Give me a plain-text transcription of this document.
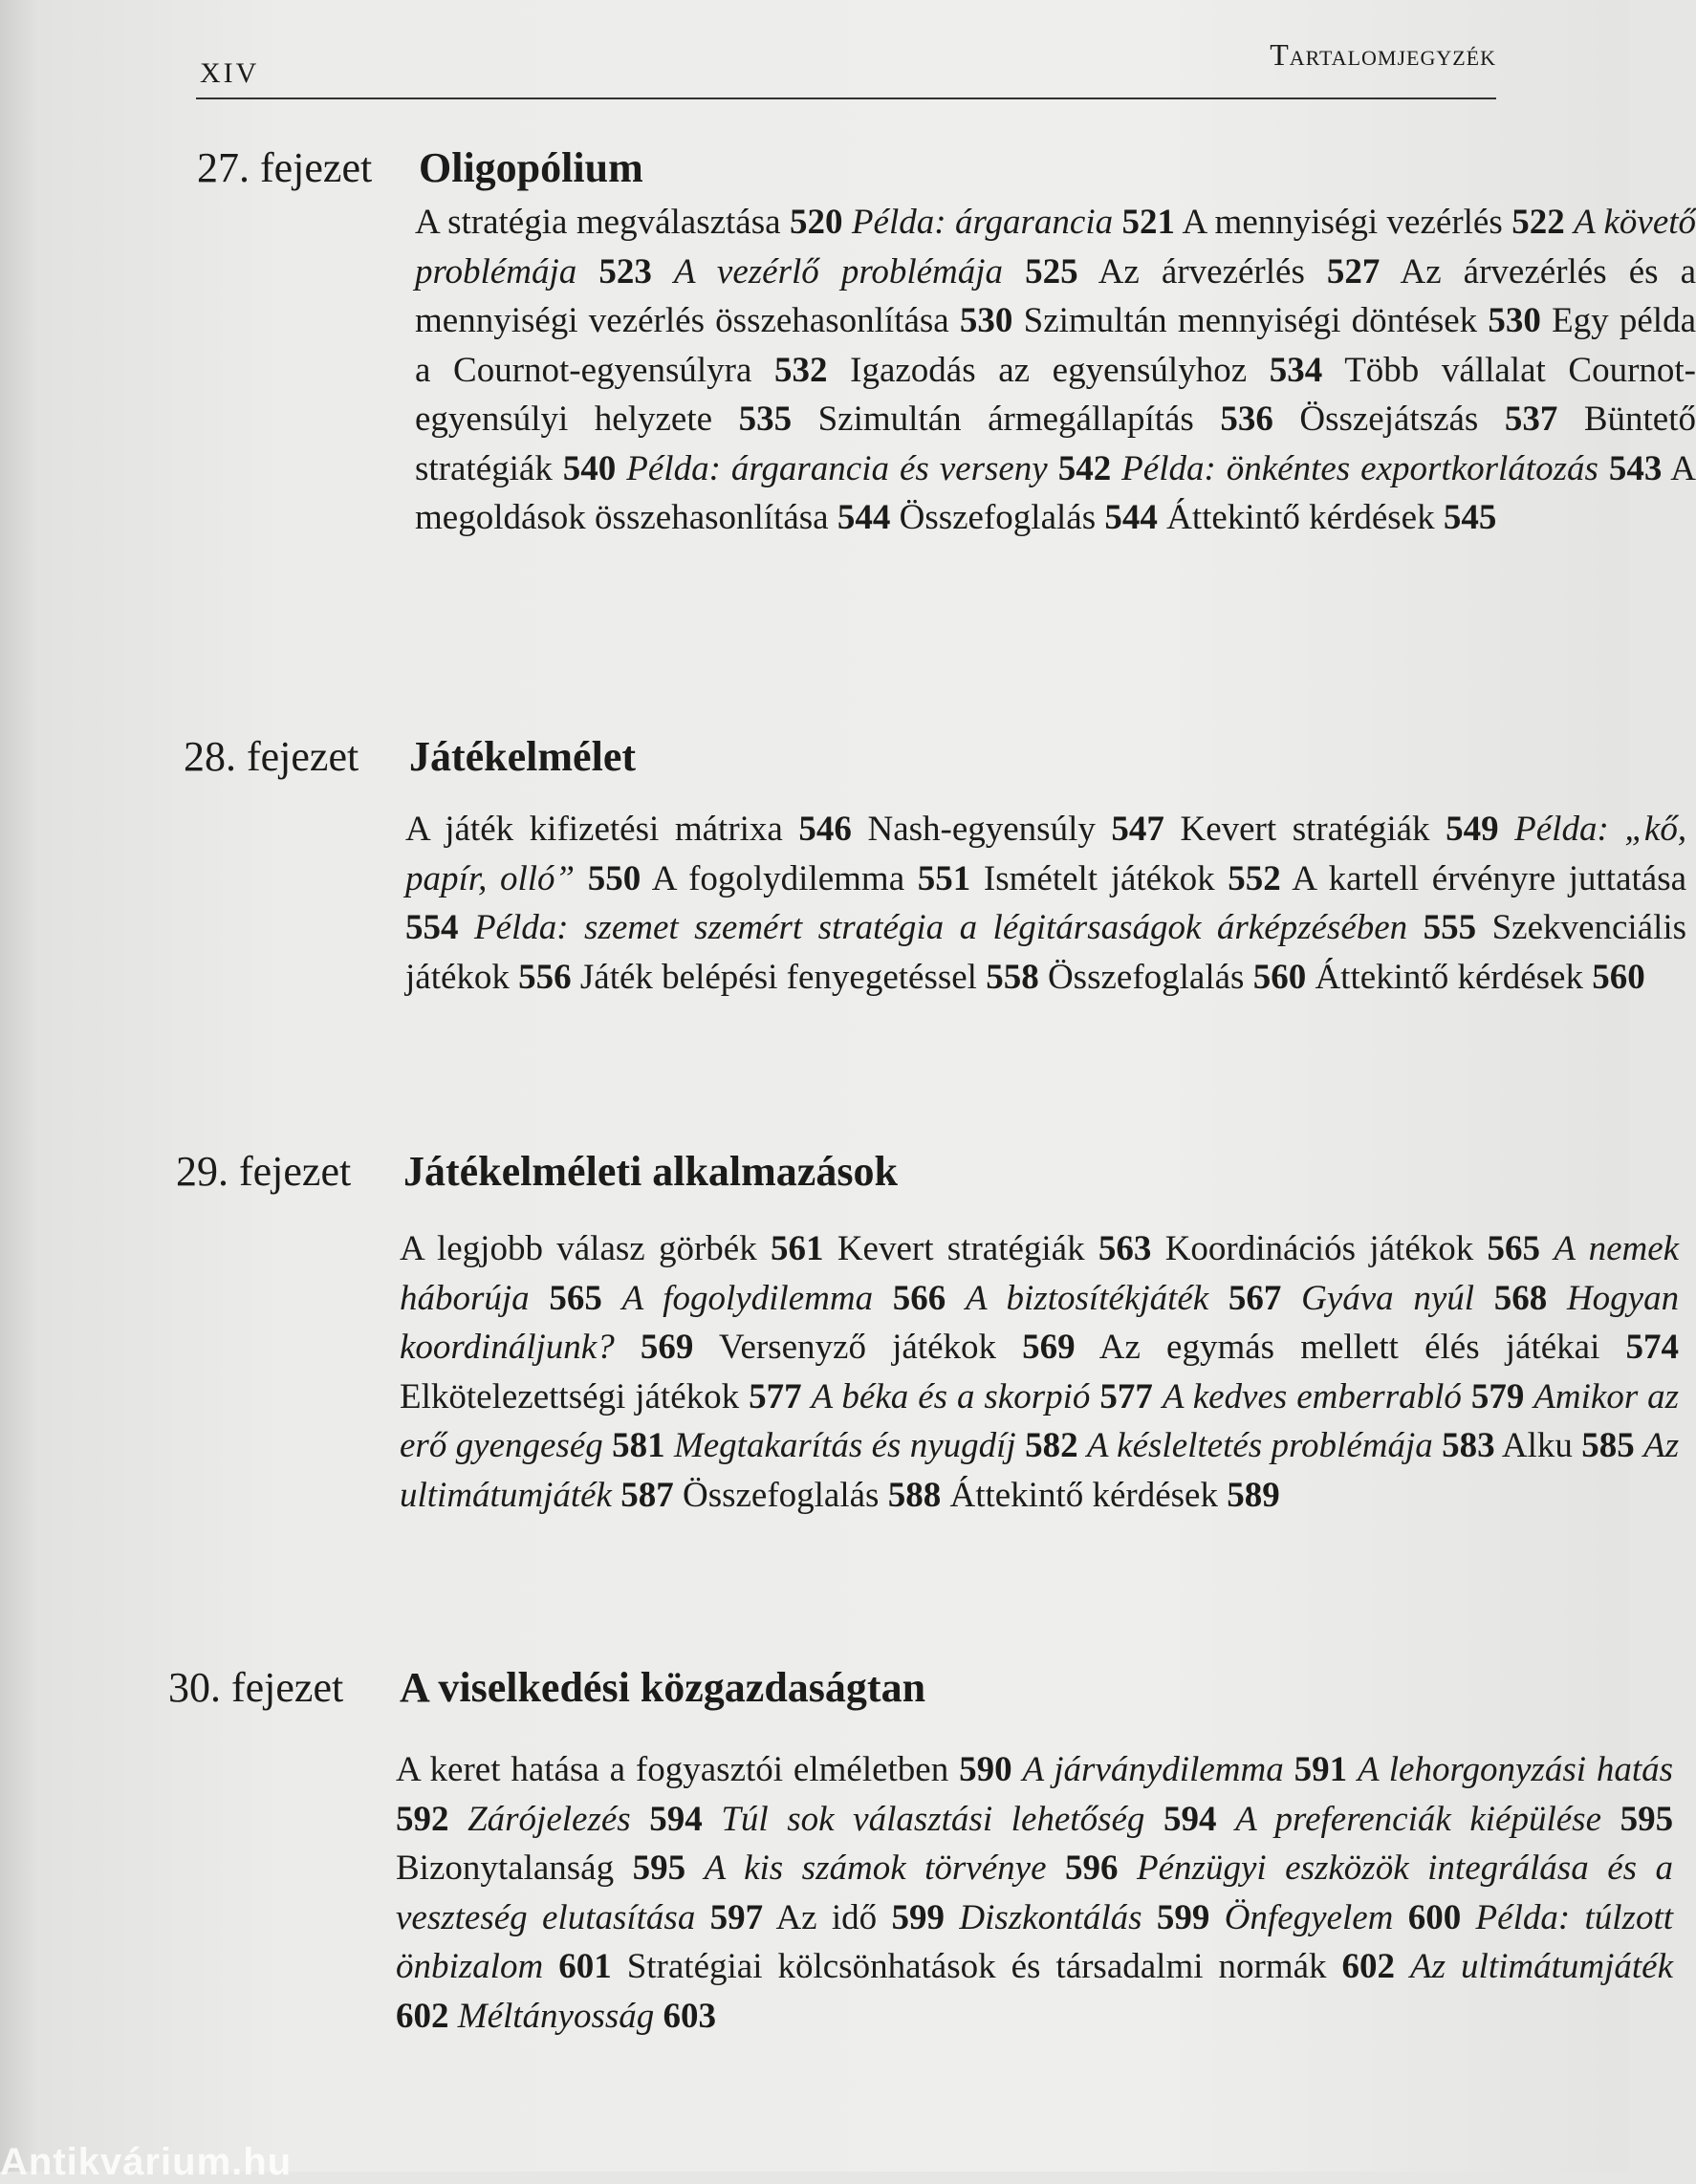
XIV
Tartalomjegyzék
27. fejezet Oligopólium
A stratégia megválasztása 520 Példa: árgarancia 521 A mennyiségi vezérlés 522 A követő problémája 523 A vezérlő problémája 525 Az árvezérlés 527 Az árvezérlés és a mennyiségi vezérlés összehasonlítása 530 Szimultán mennyiségi döntések 530 Egy példa a Cournot-egyensúlyra 532 Igazodás az egyensúlyhoz 534 Több vállalat Cournot-egyensúlyi helyzete 535 Szimultán ármegállapítás 536 Összejátszás 537 Büntető stratégiák 540 Példa: árgarancia és verseny 542 Példa: önkéntes exportkorlátozás 543 A megoldások összehasonlítása 544 Összefoglalás 544 Áttekintő kérdések 545
28. fejezet Játékelmélet
A játék kifizetési mátrixa 546 Nash-egyensúly 547 Kevert stratégiák 549 Példa: „kő, papír, olló” 550 A fogolydilemma 551 Ismételt játékok 552 A kartell érvényre juttatása 554 Példa: szemet szemért stratégia a légitársaságok árképzésében 555 Szekvenciális játékok 556 Játék belépési fenyegetéssel 558 Összefoglalás 560 Áttekintő kérdések 560
29. fejezet Játékelméleti alkalmazások
A legjobb válasz görbék 561 Kevert stratégiák 563 Koordinációs játékok 565 A nemek háborúja 565 A fogolydilemma 566 A biztosítékjáték 567 Gyáva nyúl 568 Hogyan koordináljunk? 569 Versenyző játékok 569 Az egymás mellett élés játékai 574 Elkötelezettségi játékok 577 A béka és a skorpió 577 A kedves emberrabló 579 Amikor az erő gyengeség 581 Megtakarítás és nyugdíj 582 A késleltetés problémája 583 Alku 585 Az ultimátumjáték 587 Összefoglalás 588 Áttekintő kérdések 589
30. fejezet A viselkedési közgazdaságtan
A keret hatása a fogyasztói elméletben 590 A járványdilemma 591 A lehorgonyzási hatás 592 Zárójelezés 594 Túl sok választási lehetőség 594 A preferenciák kiépülése 595 Bizonytalanság 595 A kis számok törvénye 596 Pénzügyi eszközök integrálása és a veszteség elutasítása 597 Az idő 599 Diszkontálás 599 Önfegyelem 600 Példa: túlzott önbizalom 601 Stratégiai kölcsönhatások és társadalmi normák 602 Az ultimátumjáték 602 Méltányosság 603
Antikvárium.hu
